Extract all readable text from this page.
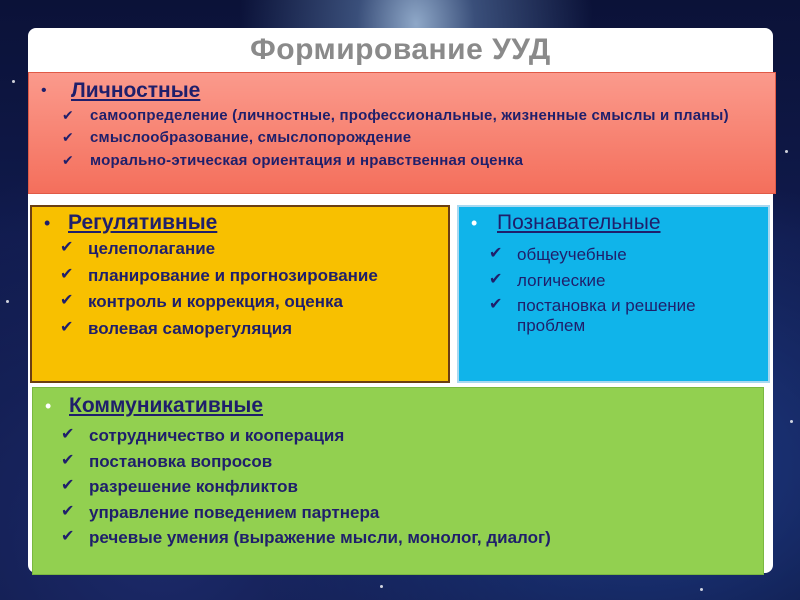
Формирование УУД
• Личностные
✔ самоопределение (личностные, профессиональные, жизненные смыслы и планы)
✔ смыслообразование, смыслопорождение
✔ морально-этическая ориентация и нравственная оценка
• Регулятивные
✔ целеполагание
✔ планирование и прогнозирование
✔ контроль и коррекция, оценка
✔ волевая саморегуляция
• Познавательные
✔ общеучебные
✔ логические
✔ постановка и решение проблем
• Коммуникативные
✔ сотрудничество и кооперация
✔ постановка вопросов
✔ разрешение конфликтов
✔ управление поведением партнера
✔ речевые умения (выражение мысли, монолог, диалог)
